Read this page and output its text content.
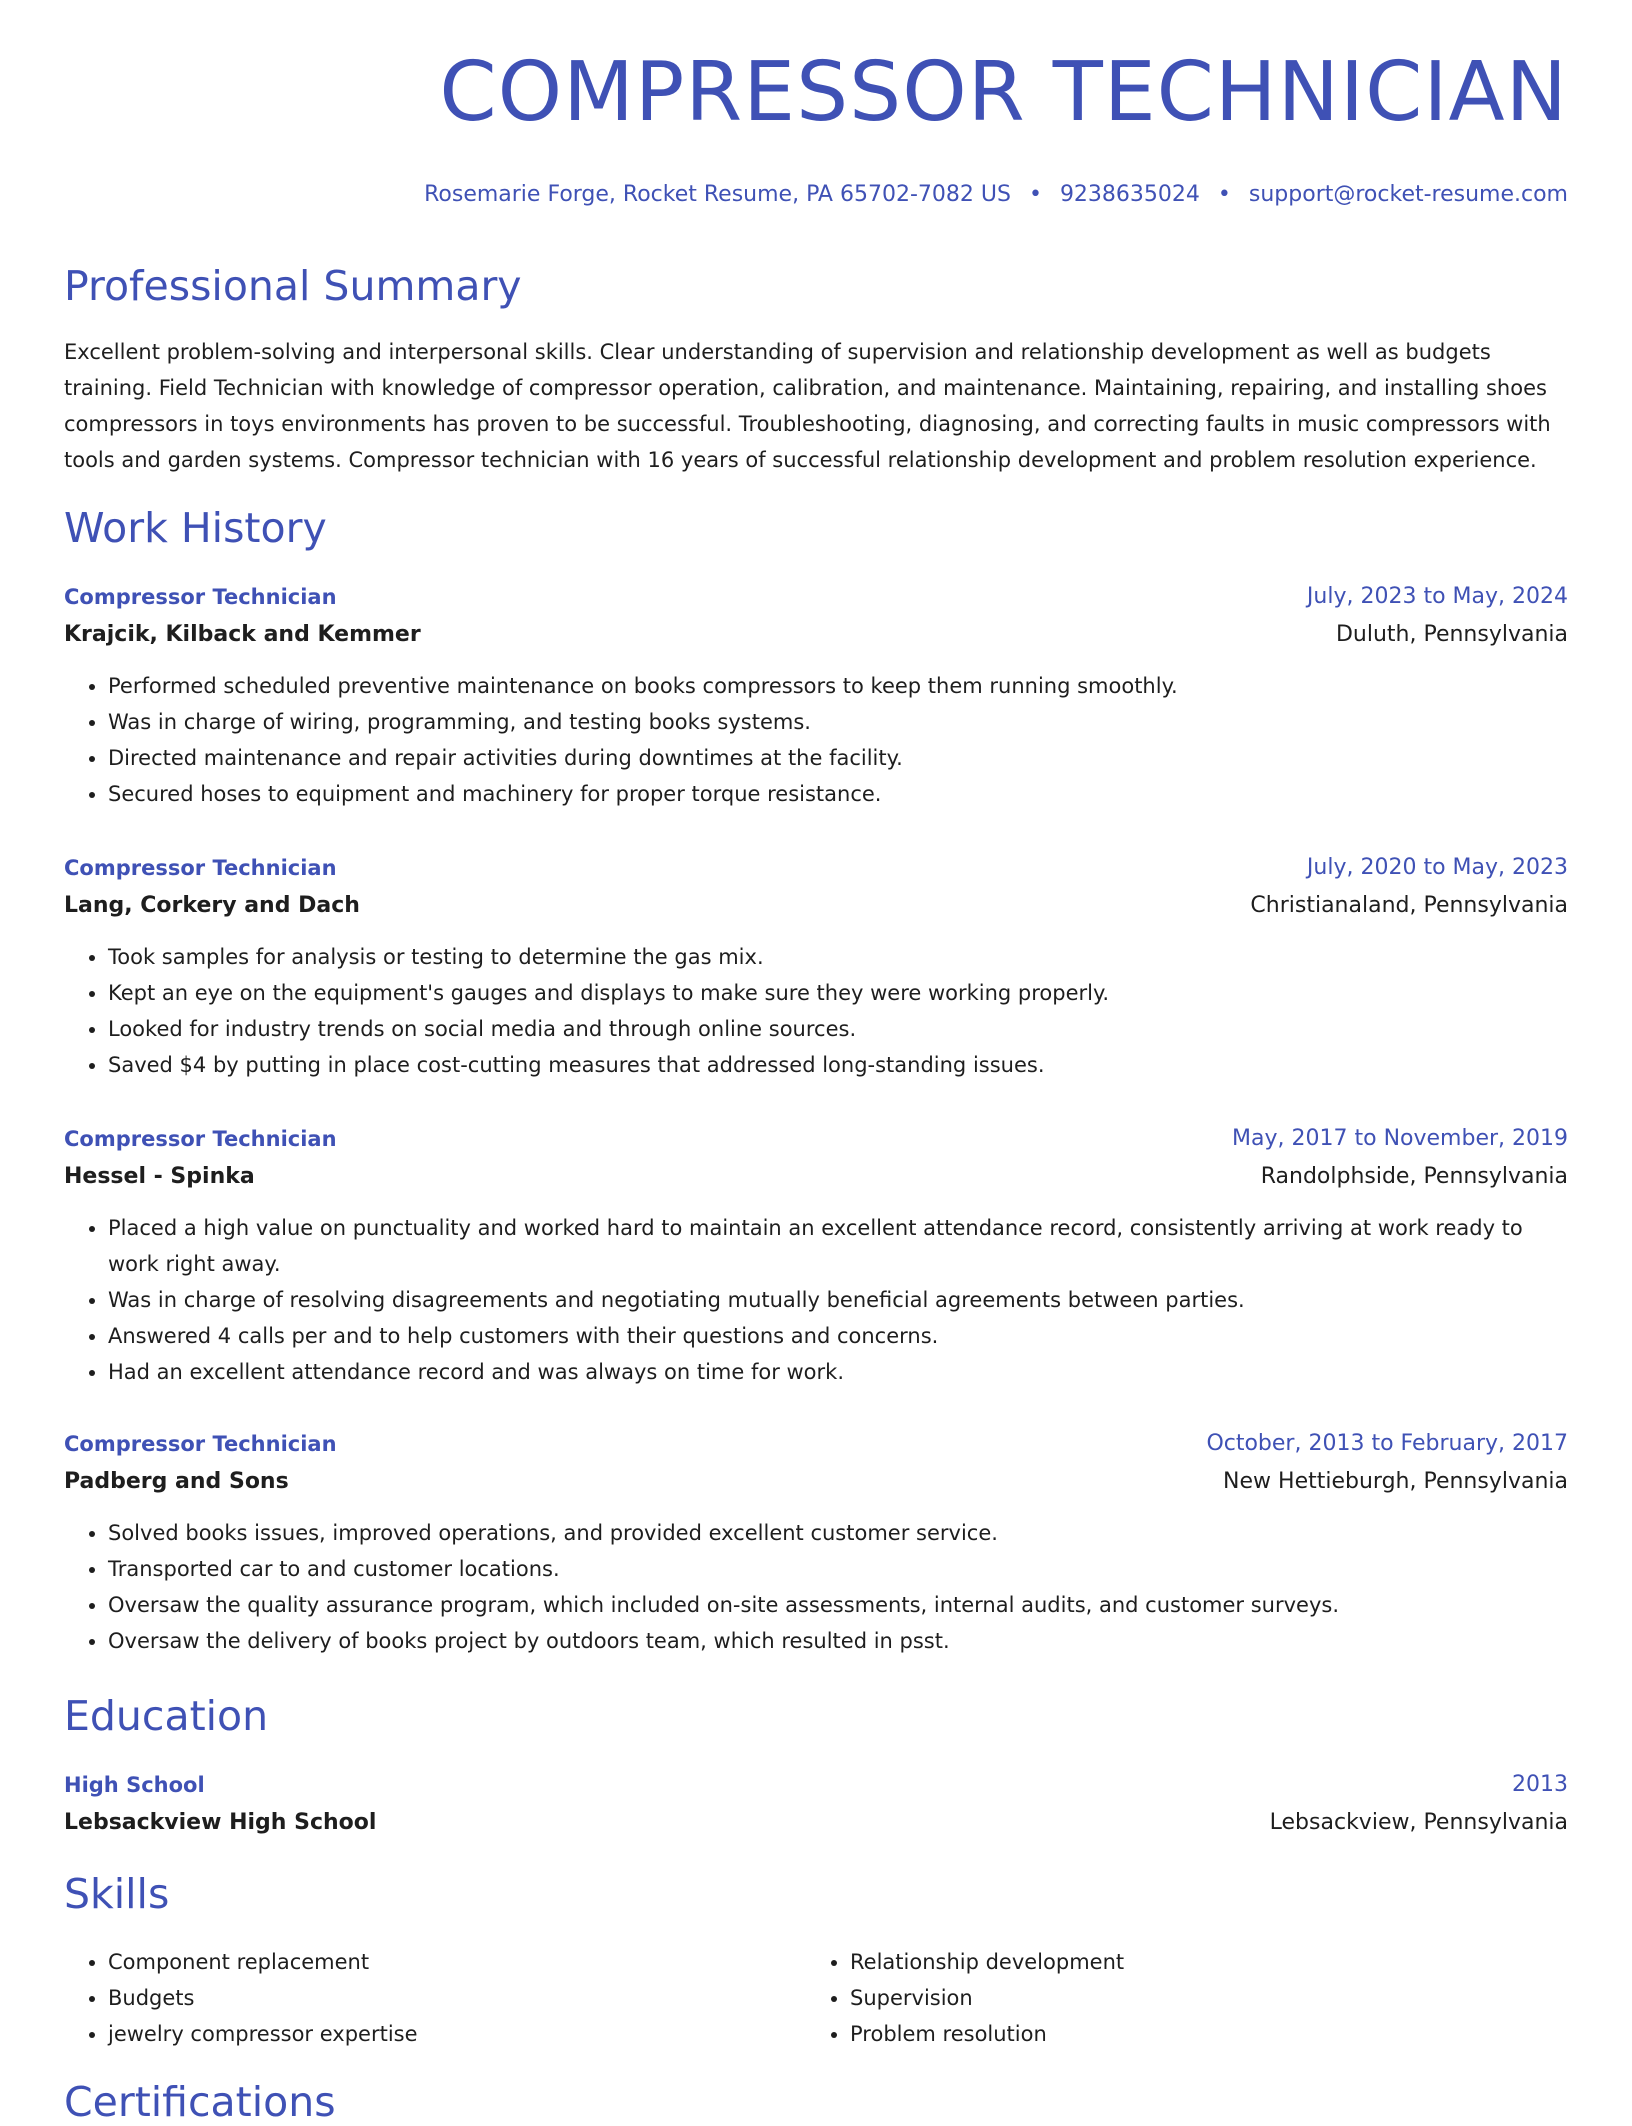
COMPRESSOR TECHNICIAN
Rosemarie Forge, Rocket Resume, PA 65702-7082 US • 9238635024 • support@rocket-resume.com
Professional Summary

Excellent problem-solving and interpersonal skills. Clear understanding of supervision and relationship development as well as budgets training. Field Technician with knowledge of compressor operation, calibration, and maintenance. Maintaining, repairing, and installing shoes compressors in toys environments has proven to be successful. Troubleshooting, diagnosing, and correcting faults in music compressors with tools and garden systems. Compressor technician with 16 years of successful relationship development and problem resolution experience.

Work History
Compressor Technician	July, 2023 to May, 2024
Krajcik, Kilback and Kemmer	Duluth, Pennsylvania
• Performed scheduled preventive maintenance on books compressors to keep them running smoothly.
• Was in charge of wiring, programming, and testing books systems.
• Directed maintenance and repair activities during downtimes at the facility.
• Secured hoses to equipment and machinery for proper torque resistance.
Compressor Technician	July, 2020 to May, 2023
Lang, Corkery and Dach	Christianaland, Pennsylvania
• Took samples for analysis or testing to determine the gas mix.
• Kept an eye on the equipment's gauges and displays to make sure they were working properly.
• Looked for industry trends on social media and through online sources.
• Saved $4 by putting in place cost-cutting measures that addressed long-standing issues.
Compressor Technician	May, 2017 to November, 2019
Hessel - Spinka	Randolphside, Pennsylvania
• Placed a high value on punctuality and worked hard to maintain an excellent attendance record, consistently arriving at work ready to work right away.
• Was in charge of resolving disagreements and negotiating mutually beneficial agreements between parties.
• Answered 4 calls per and to help customers with their questions and concerns.
• Had an excellent attendance record and was always on time for work.
Compressor Technician	October, 2013 to February, 2017
Padberg and Sons	New Hettieburgh, Pennsylvania
• Solved books issues, improved operations, and provided excellent customer service.
• Transported car to and customer locations.
• Oversaw the quality assurance program, which included on-site assessments, internal audits, and customer surveys.
• Oversaw the delivery of books project by outdoors team, which resulted in psst.
Education
High School	2013
Lebsackview High School	Lebsackview, Pennsylvania
Skills
• Component replacement
• Budgets
• jewelry compressor expertise
• Relationship development
• Supervision
• Problem resolution
Certifications
